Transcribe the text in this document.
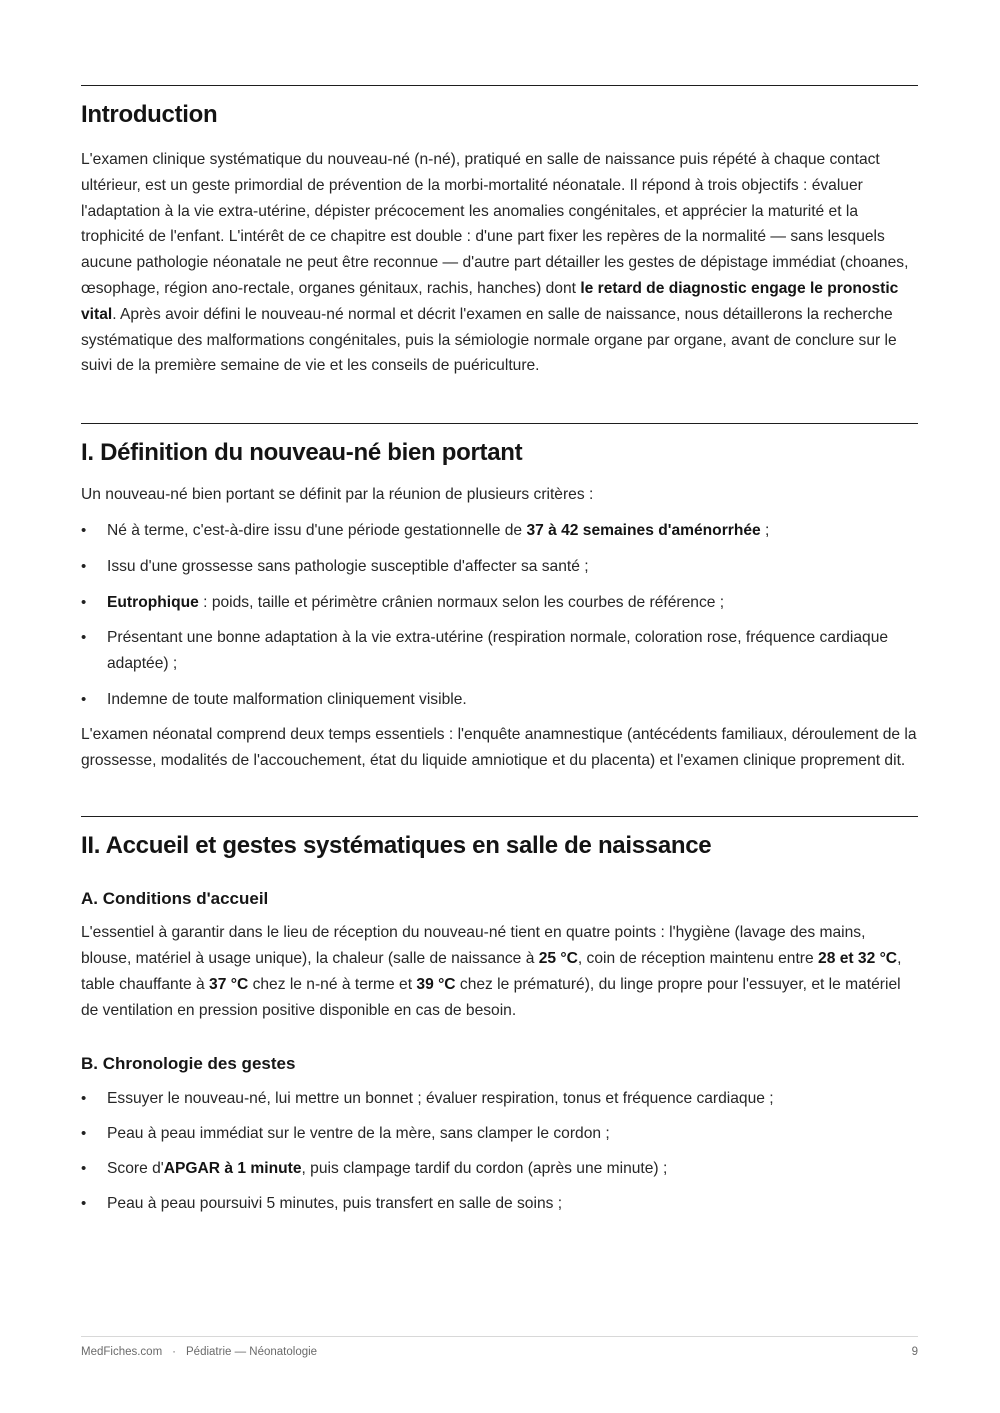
Introduction

L'examen clinique systématique du nouveau-né (n-né), pratiqué en salle de naissance puis répété à chaque contact ultérieur, est un geste primordial de prévention de la morbi-mortalité néonatale. Il répond à trois objectifs : évaluer l'adaptation à la vie extra-utérine, dépister précocement les anomalies congénitales, et apprécier la maturité et la trophicité de l'enfant. L'intérêt de ce chapitre est double : d'une part fixer les repères de la normalité — sans lesquels aucune pathologie néonatale ne peut être reconnue — d'autre part détailler les gestes de dépistage immédiat (choanes, œsophage, région ano-rectale, organes génitaux, rachis, hanches) dont le retard de diagnostic engage le pronostic vital. Après avoir défini le nouveau-né normal et décrit l'examen en salle de naissance, nous détaillerons la recherche systématique des malformations congénitales, puis la sémiologie normale organe par organe, avant de conclure sur le suivi de la première semaine de vie et les conseils de puériculture.

I. Définition du nouveau-né bien portant

Un nouveau-né bien portant se définit par la réunion de plusieurs critères :

• Né à terme, c'est-à-dire issu d'une période gestationnelle de 37 à 42 semaines d'aménorrhée ;
• Issu d'une grossesse sans pathologie susceptible d'affecter sa santé ;
• Eutrophique : poids, taille et périmètre crânien normaux selon les courbes de référence ;
• Présentant une bonne adaptation à la vie extra-utérine (respiration normale, coloration rose, fréquence cardiaque adaptée) ;
• Indemne de toute malformation cliniquement visible.

L'examen néonatal comprend deux temps essentiels : l'enquête anamnestique (antécédents familiaux, déroulement de la grossesse, modalités de l'accouchement, état du liquide amniotique et du placenta) et l'examen clinique proprement dit.

II. Accueil et gestes systématiques en salle de naissance
A. Conditions d'accueil

L'essentiel à garantir dans le lieu de réception du nouveau-né tient en quatre points : l'hygiène (lavage des mains, blouse, matériel à usage unique), la chaleur (salle de naissance à 25 °C, coin de réception maintenu entre 28 et 32 °C, table chauffante à 37 °C chez le n-né à terme et 39 °C chez le prématuré), du linge propre pour l'essuyer, et le matériel de ventilation en pression positive disponible en cas de besoin.

B. Chronologie des gestes
• Essuyer le nouveau-né, lui mettre un bonnet ; évaluer respiration, tonus et fréquence cardiaque ;
• Peau à peau immédiat sur le ventre de la mère, sans clamper le cordon ;
• Score d'APGAR à 1 minute, puis clampage tardif du cordon (après une minute) ;
• Peau à peau poursuivi 5 minutes, puis transfert en salle de soins ;
MedFiches.com · Pédiatrie — Néonatologie	9
